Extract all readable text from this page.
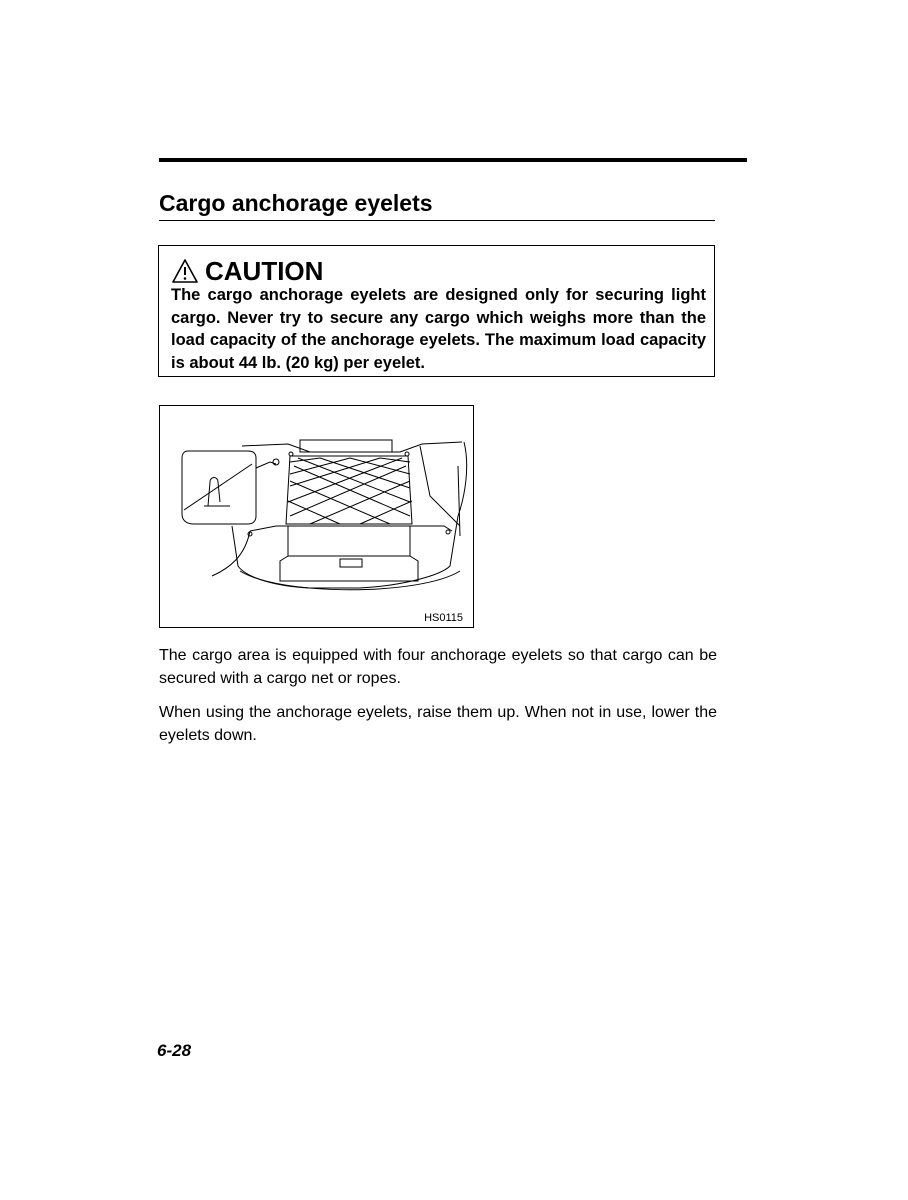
Cargo anchorage eyelets
CAUTION

The cargo anchorage eyelets are designed only for securing light cargo. Never try to secure any cargo which weighs more than the load capacity of the anchorage eyelets. The maximum load capacity is about 44 lb. (20 kg) per eyelet.

HS0115

The cargo area is equipped with four anchorage eyelets so that cargo can be secured with a cargo net or ropes.

When using the anchorage eyelets, raise them up. When not in use, lower the eyelets down.

6-28
